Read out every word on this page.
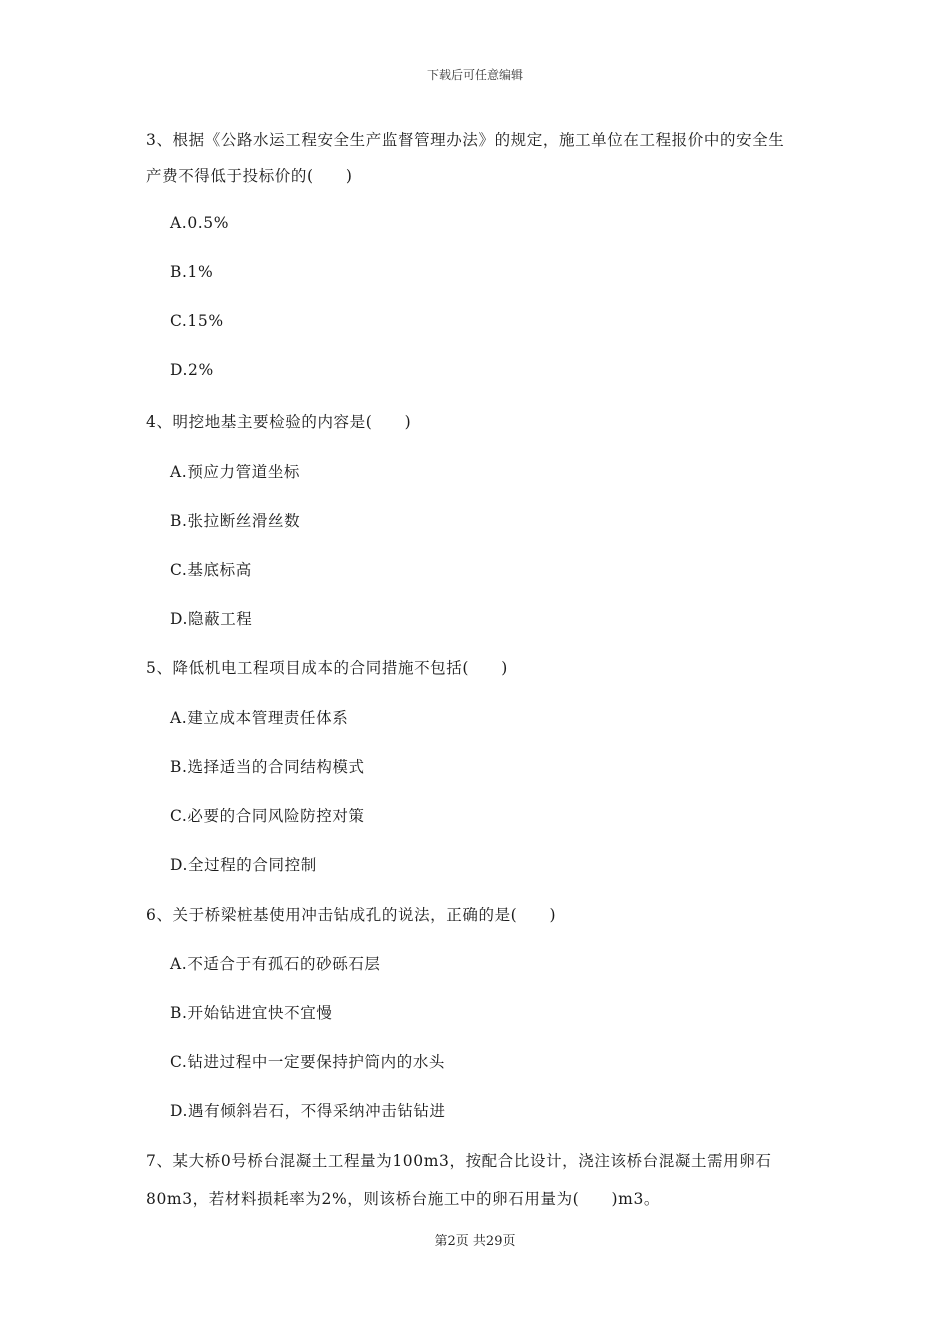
下载后可任意编辑
3、根据《公路水运工程安全生产监督管理办法》的规定，施工单位在工程报价中的安全生
产费不得低于投标价的(　　)
A.0.5%
B.1%
C.15%
D.2%
4、明挖地基主要检验的内容是(　　)
A.预应力管道坐标
B.张拉断丝滑丝数
C.基底标高
D.隐蔽工程
5、降低机电工程项目成本的合同措施不包括(　　)
A.建立成本管理责任体系
B.选择适当的合同结构模式
C.必要的合同风险防控对策
D.全过程的合同控制
6、关于桥梁桩基使用冲击钻成孔的说法，正确的是(　　)
A.不适合于有孤石的砂砾石层
B.开始钻进宜快不宜慢
C.钻进过程中一定要保持护筒内的水头
D.遇有倾斜岩石，不得采纳冲击钻钻进
7、某大桥0号桥台混凝土工程量为100m3，按配合比设计，浇注该桥台混凝土需用卵石
80m3，若材料损耗率为2%，则该桥台施工中的卵石用量为(　　)m3。
第2页 共29页
